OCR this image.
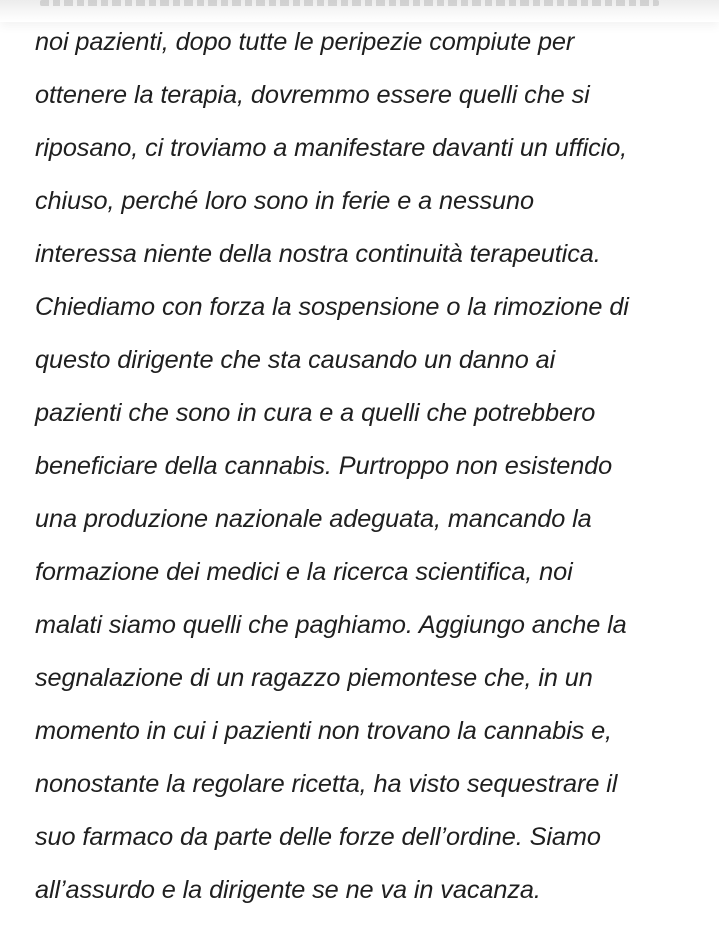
noi pazienti, dopo tutte le peripezie compiute per
ottenere la terapia, dovremmo essere quelli che si
riposano, ci troviamo a manifestare davanti un ufficio,
chiuso, perché loro sono in ferie e a nessuno
interessa niente della nostra continuità terapeutica.
Chiediamo con forza la sospensione o la rimozione di
questo dirigente che sta causando un danno ai
pazienti che sono in cura e a quelli che potrebbero
beneficiare della cannabis. Purtroppo non esistendo
una produzione nazionale adeguata, mancando la
formazione dei medici e la ricerca scientifica, noi
malati siamo quelli che paghiamo. Aggiungo anche la
segnalazione di un ragazzo piemontese che, in un
momento in cui i pazienti non trovano la cannabis e,
nonostante la regolare ricetta, ha visto sequestrare il
suo farmaco da parte delle forze dell’ordine. Siamo
all’assurdo e la dirigente se ne va in vacanza.
